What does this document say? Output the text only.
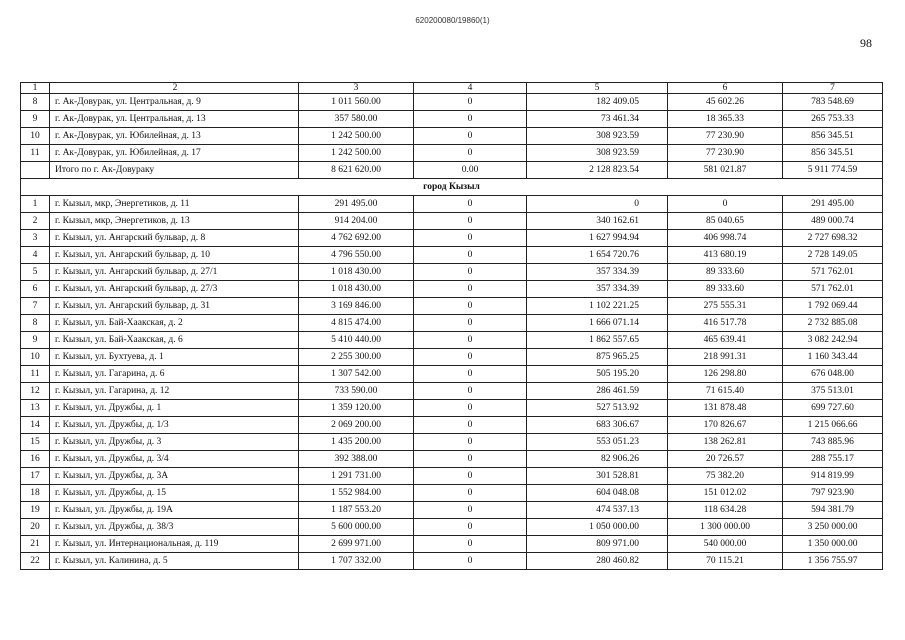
620200080/19860(1)
98
1	2	3	4	5	6	7
8	г. Ак-Довурак, ул. Центральная, д. 9	1 011 560.00	0	182 409.05	45 602.26	783 548.69
9	г. Ак-Довурак, ул. Центральная, д. 13	357 580.00	0	73 461.34	18 365.33	265 753.33
10	г. Ак-Довурак, ул. Юбилейная, д. 13	1 242 500.00	0	308 923.59	77 230.90	856 345.51
11	г. Ак-Довурак, ул. Юбилейная, д. 17	1 242 500.00	0	308 923.59	77 230.90	856 345.51
	Итого по г. Ак-Довураку	8 621 620.00	0.00	2 128 823.54	581 021.87	5 911 774.59
город Кызыл						
1	г. Кызыл, мкр, Энергетиков, д. 11	291 495.00	0	0	0	291 495.00
2	г. Кызыл, мкр, Энергетиков, д. 13	914 204.00	0	340 162.61	85 040.65	489 000.74
3	г. Кызыл, ул. Ангарский бульвар, д. 8	4 762 692.00	0	1 627 994.94	406 998.74	2 727 698.32
4	г. Кызыл, ул. Ангарский бульвар, д. 10	4 796 550.00	0	1 654 720.76	413 680.19	2 728 149.05
5	г. Кызыл, ул. Ангарский бульвар, д. 27/1	1 018 430.00	0	357 334.39	89 333.60	571 762.01
6	г. Кызыл, ул. Ангарский бульвар, д. 27/3	1 018 430.00	0	357 334.39	89 333.60	571 762.01
7	г. Кызыл, ул. Ангарский бульвар, д. 31	3 169 846.00	0	1 102 221.25	275 555.31	1 792 069.44
8	г. Кызыл, ул. Бай-Хаакская, д. 2	4 815 474.00	0	1 666 071.14	416 517.78	2 732 885.08
9	г. Кызыл, ул. Бай-Хаакская, д. 6	5 410 440.00	0	1 862 557.65	465 639.41	3 082 242.94
10	г. Кызыл, ул. Бухтуева, д. 1	2 255 300.00	0	875 965.25	218 991.31	1 160 343.44
11	г. Кызыл, ул. Гагарина, д. 6	1 307 542.00	0	505 195.20	126 298.80	676 048.00
12	г. Кызыл, ул. Гагарина, д. 12	733 590.00	0	286 461.59	71 615.40	375 513.01
13	г. Кызыл, ул. Дружбы, д. 1	1 359 120.00	0	527 513.92	131 878.48	699 727.60
14	г. Кызыл, ул. Дружбы, д. 1/3	2 069 200.00	0	683 306.67	170 826.67	1 215 066.66
15	г. Кызыл, ул. Дружбы, д. 3	1 435 200.00	0	553 051.23	138 262.81	743 885.96
16	г. Кызыл, ул. Дружбы, д. 3/4	392 388.00	0	82 906.26	20 726.57	288 755.17
17	г. Кызыл, ул. Дружбы, д. 3А	1 291 731.00	0	301 528.81	75 382.20	914 819.99
18	г. Кызыл, ул. Дружбы, д. 15	1 552 984.00	0	604 048.08	151 012.02	797 923.90
19	г. Кызыл, ул. Дружбы, д. 19А	1 187 553.20	0	474 537.13	118 634.28	594 381.79
20	г. Кызыл, ул. Дружбы, д. 38/3	5 600 000.00	0	1 050 000.00	1 300 000.00	3 250 000.00
21	г. Кызыл, ул. Интернациональная, д. 119	2 699 971.00	0	809 971.00	540 000.00	1 350 000.00
22	г. Кызыл, ул. Калинина, д. 5	1 707 332.00	0	280 460.82	70 115.21	1 356 755.97
